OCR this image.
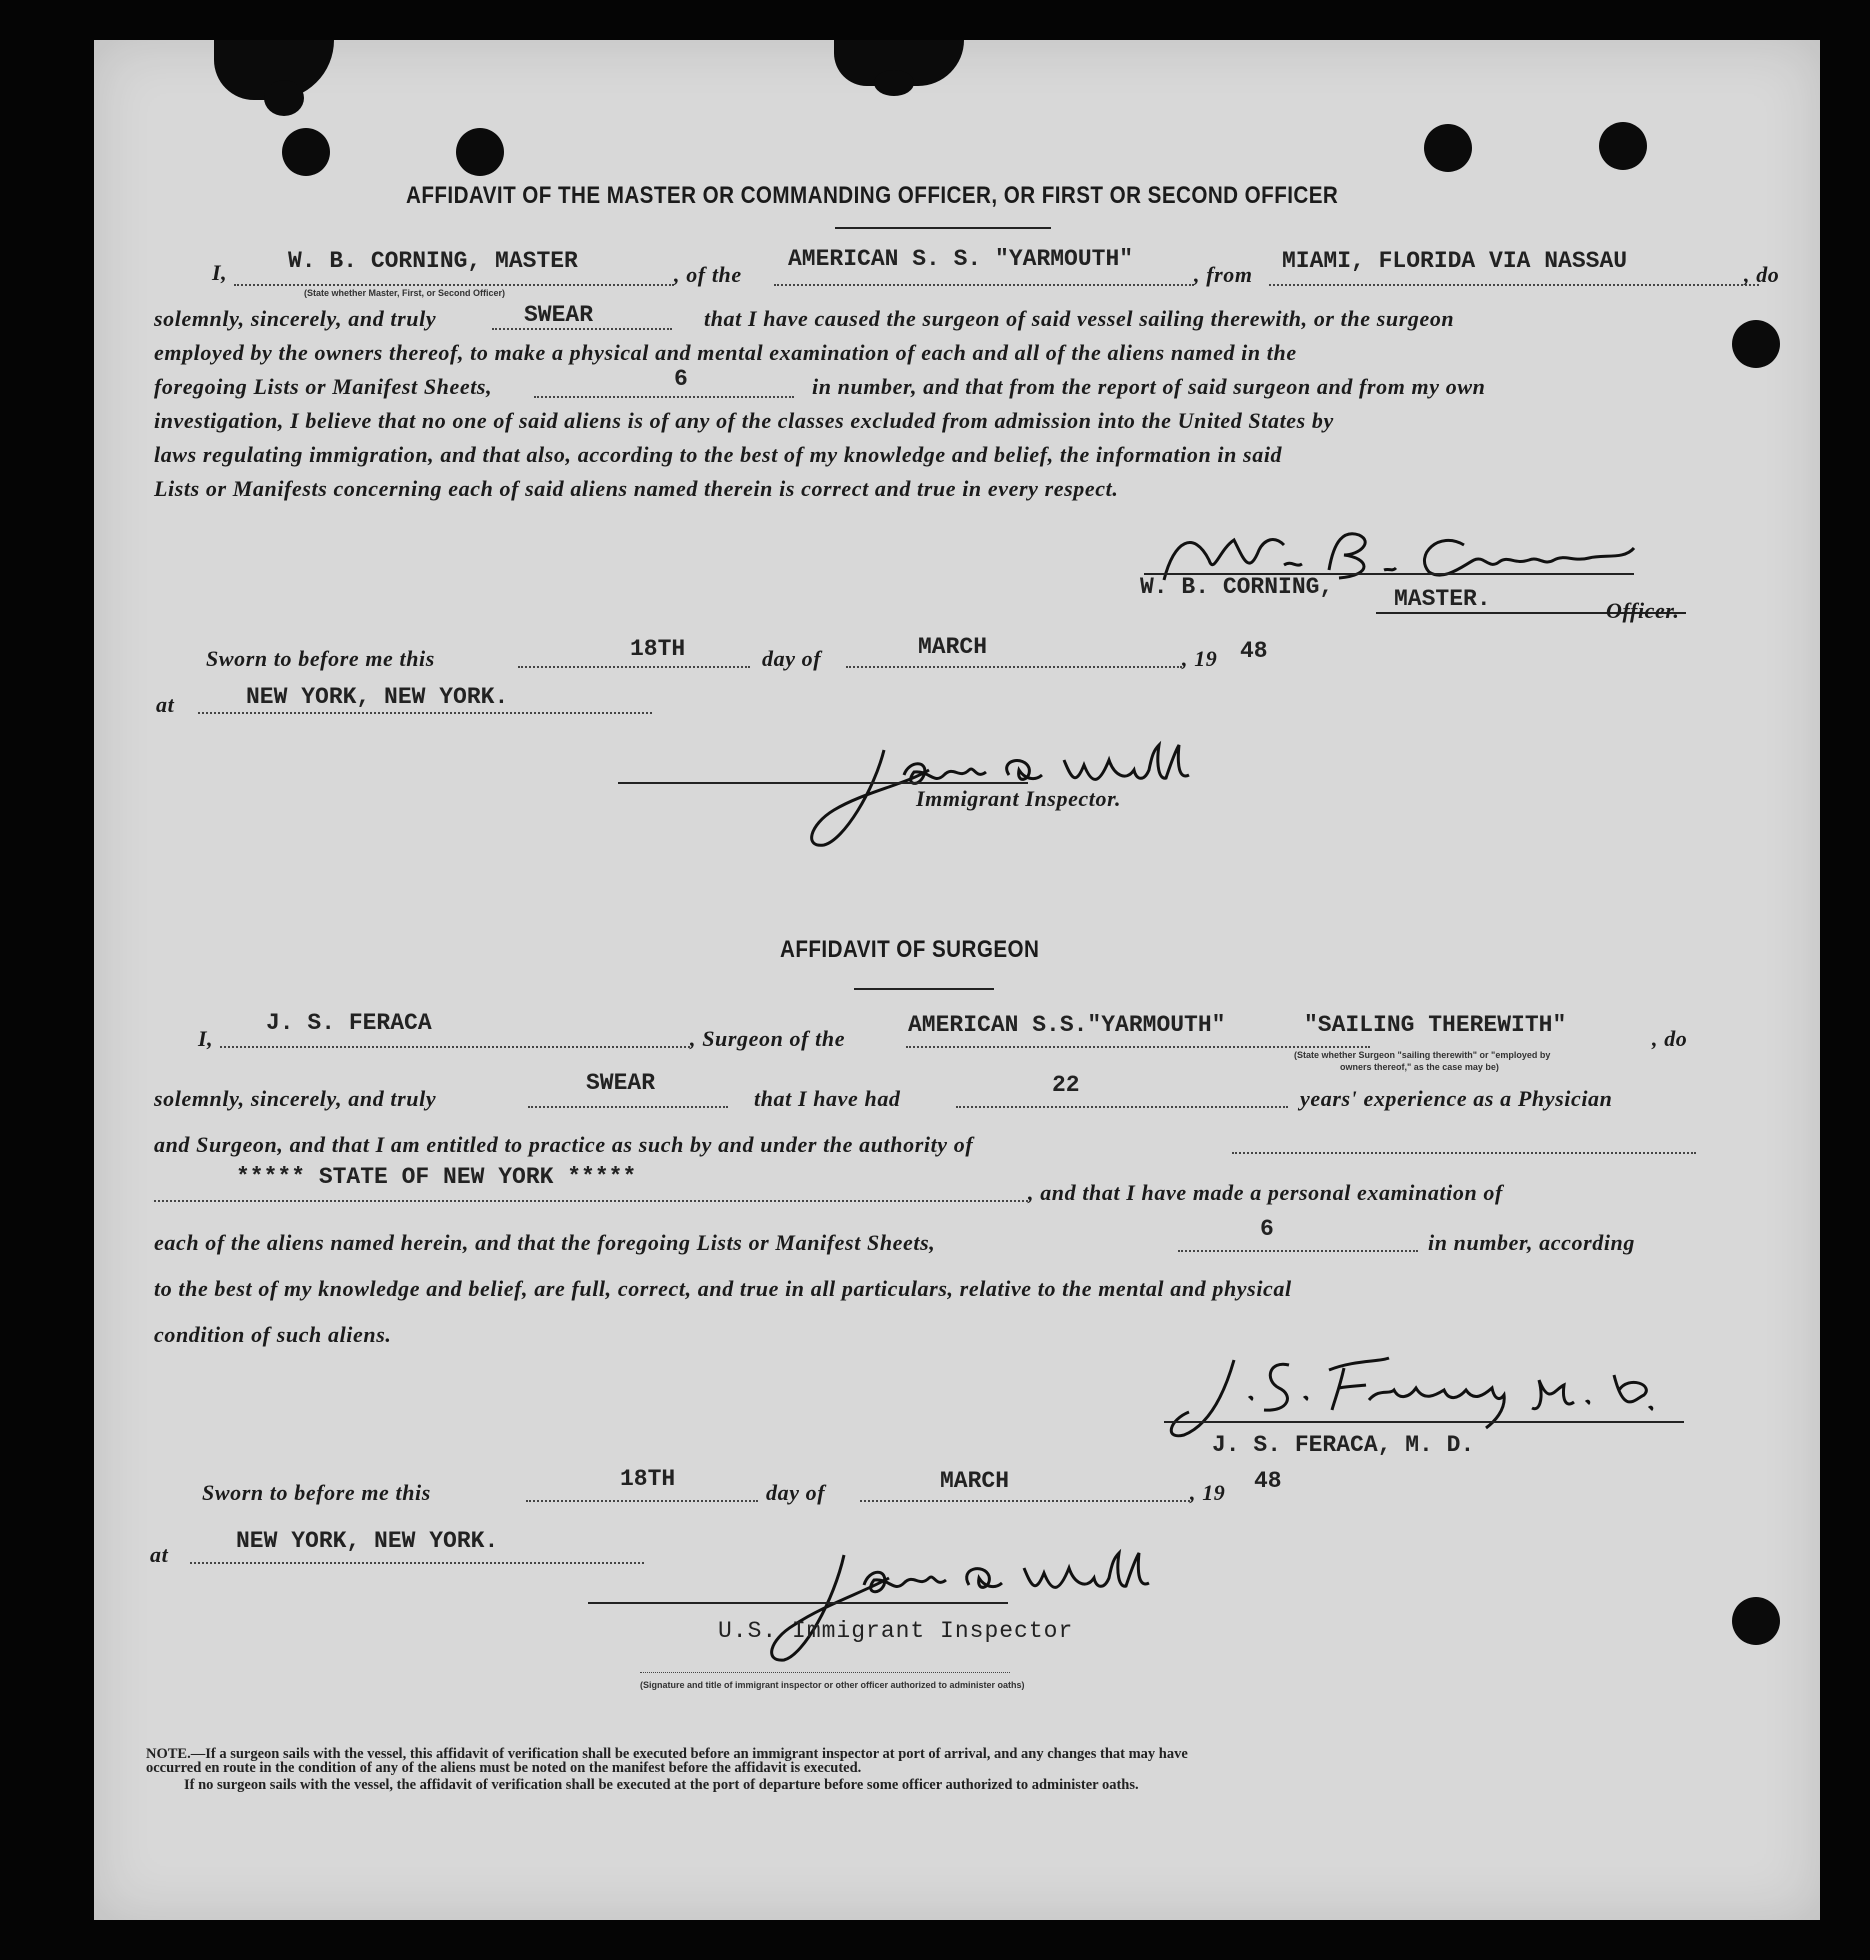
AFFIDAVIT OF THE MASTER OR COMMANDING OFFICER, OR FIRST OR SECOND OFFICER
I,	W. B. CORNING, MASTER
(State whether Master, First, or Second Officer)
, of the
AMERICAN S. S. "YARMOUTH"
, from
MIAMI, FLORIDA VIA NASSAU
, do
solemnly, sincerely, and truly	SWEAR	that I have caused the surgeon of said vessel sailing therewith, or the surgeon
employed by the owners thereof, to make a physical and mental examination of each and all of the aliens named in the
foregoing Lists or Manifest Sheets,	6	in number, and that from the report of said surgeon and from my own
investigation, I believe that no one of said aliens is of any of the classes excluded from admission into the United States by
laws regulating immigration, and that also, according to the best of my knowledge and belief, the information in said
Lists or Manifests concerning each of said aliens named therein is correct and true in every respect.
W. B. CORNING,	MASTER.	Officer.
Sworn to before me this	18TH	day of	MARCH	, 19 48
at	NEW YORK, NEW YORK.
Immigrant Inspector.
AFFIDAVIT OF SURGEON
I,
J. S. FERACA
, Surgeon of the
AMERICAN S.S."YARMOUTH"	"SAILING THEREWITH"
, do
(State whether Surgeon "sailing therewith" or "employed by
owners thereof," as the case may be)
solemnly, sincerely, and truly
SWEAR
that I have had
22
years' experience as a Physician
and Surgeon, and that I am entitled to practice as such by and under the authority of
***** STATE OF NEW YORK *****
, and that I have made a personal examination of
each of the aliens named herein, and that the foregoing Lists or Manifest Sheets,
6
in number, according
to the best of my knowledge and belief, are full, correct, and true in all particulars, relative to the mental and physical
condition of such aliens.
J. S. FERACA, M. D.
Sworn to before me this
18TH
day of	MARCH	, 19 48
at
NEW YORK, NEW YORK.
U.S. Immigrant Inspector
(Signature and title of immigrant inspector or other officer authorized to administer oaths)
NOTE.—If a surgeon sails with the vessel, this affidavit of verification shall be executed before an immigrant inspector at port of arrival, and any changes that may have
occurred en route in the condition of any of the aliens must be noted on the manifest before the affidavit is executed.
If no surgeon sails with the vessel, the affidavit of verification shall be executed at the port of departure before some officer authorized to administer oaths.
